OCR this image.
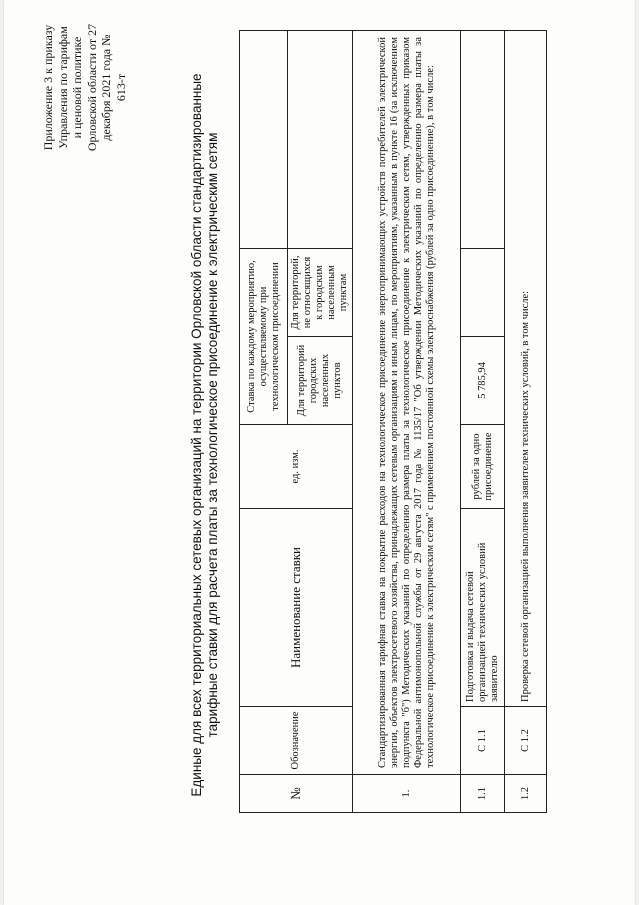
Приложение 3 к приказу Управления по тарифам и ценовой политике Орловской области от 27 декабря 2021 года № 613-т	Единые для всех территориальных сетевых организаций на территории Орловской области стандартизированные тарифные ставки для расчета платы за технологическое присоединение к электрическим сетям
№	Обозначение	Наименование ставки	ед. изм.	Ставка по каждому мероприятию, осуществляемому при технологическом присоединении		
				Для территорий городских населенных пунктов	Для территорий, не относящихся к городским населенным пунктам	
1.	Стандартизированная тарифная ставка на покрытие расходов на технологическое присоединение энергопринимающих устройств потребителей электрической энергии, объектов электросетевого хозяйства, принадлежащих сетевым организациям и иным лицам, по мероприятиям, указанным в пункте 16 (за исключением подпункта "б") Методических указаний по определению размера платы за технологическое присоединение к электрическим сетям, утвержденных приказом Федеральной антимонопольной службы от 29 августа 2017 года № 1135/17 "Об утверждении Методических указаний по определению размера платы за технологическое присоединение к электрическим сетям" с применением постоянной схемы электроснабжения (рублей за одно присоединение), в том числе:					
1.1	С 1.1	Подготовка и выдача сетевой организацией технических условий заявителю	рублей за одно присоединение	5 785,94		
1.2	С 1.2	Проверка сетевой организацией выполнения заявителем технических условий, в том числе:				
